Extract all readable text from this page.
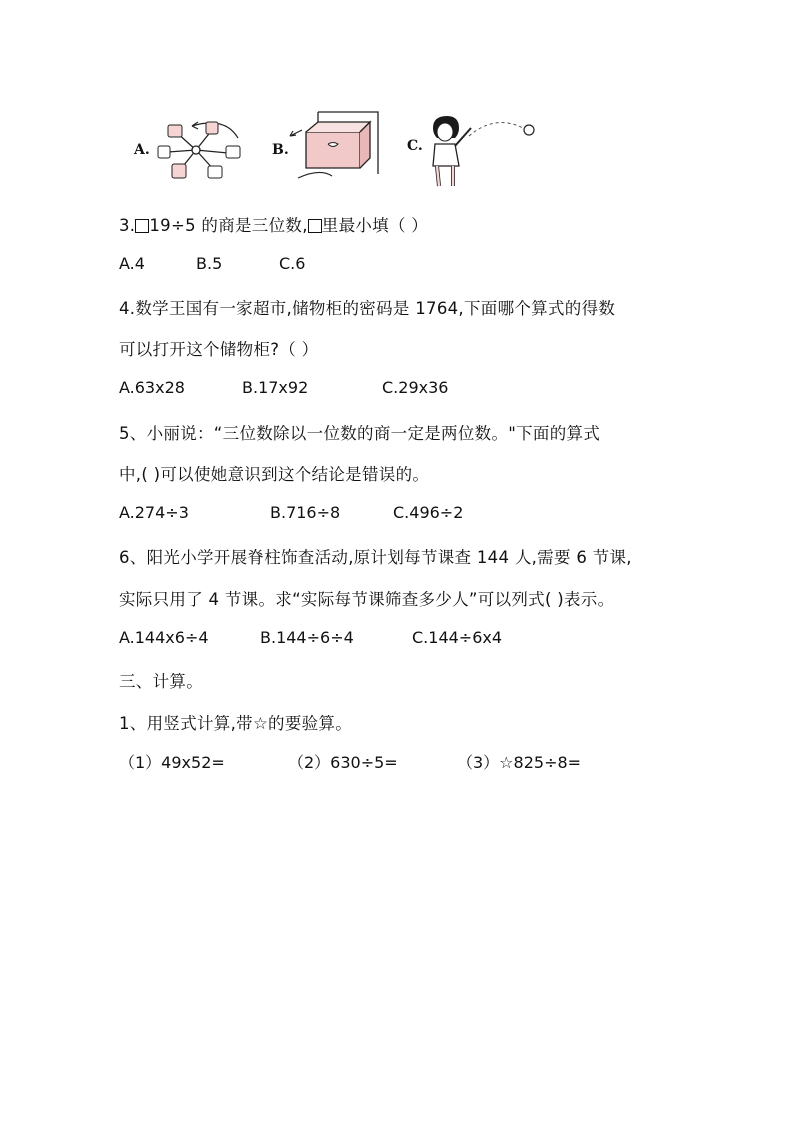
A.	B.	C.
3. 19÷5 的商是三位数, 里最小填（ ）
A.4	B.5	C.6
4.数学王国有一家超市,储物柜的密码是 1764,下面哪个算式的得数
可以打开这个储物柜?（ ）
A.63x28	B.17x92	C.29x36
5、小丽说：“三位数除以一位数的商一定是两位数。"下面的算式
中,( )可以使她意识到这个结论是错误的。
A.274÷3	B.716÷8	C.496÷2
6、阳光小学开展脊柱饰查活动,原计划每节课查 144 人,需要 6 节课,
实际只用了 4 节课。求“实际每节课筛查多少人”可以列式( )表示。
A.144x6÷4	B.144÷6÷4	C.144÷6x4
三、计算。
1、用竖式计算,带☆的要验算。
（1）49x52=	（2）630÷5=	（3）☆825÷8=
